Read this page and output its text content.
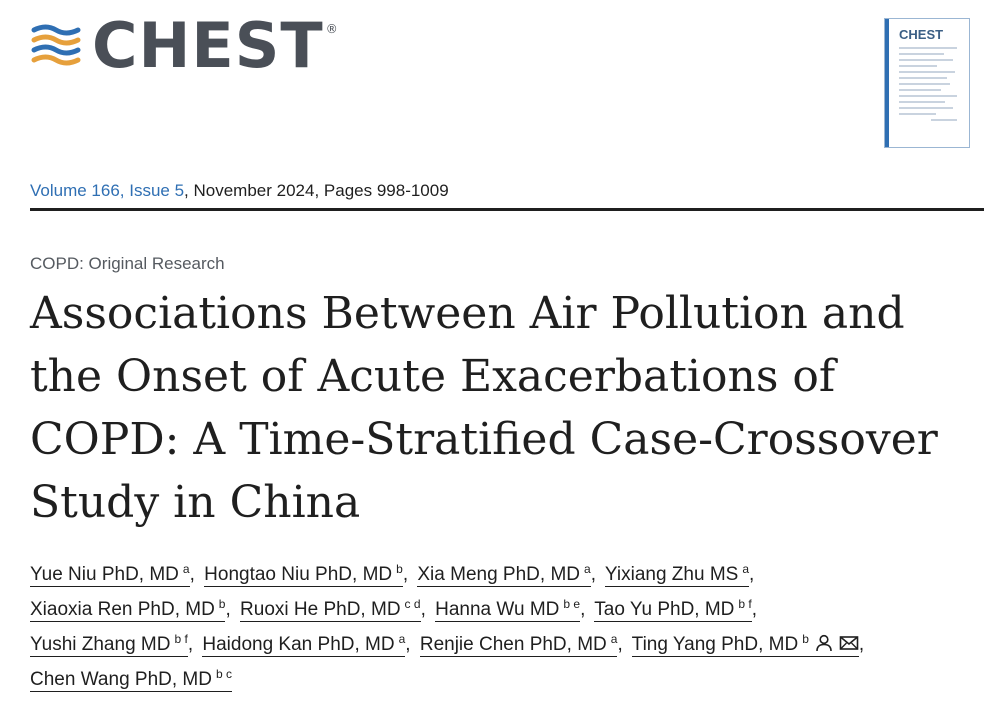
CHEST ®	CHEST
Volume 166, Issue 5, November 2024, Pages 998-1009
COPD: Original Research
Associations Between Air Pollution and the Onset of Acute Exacerbations of COPD: A Time-Stratified Case-Crossover Study in China
Yue Niu PhD, MD $^a$, Hongtao Niu PhD, MD $^b$, Xia Meng PhD, MD $^a$, Yixiang Zhu MS $^a$,
Xiaoxia Ren PhD, MD $^b$, Ruoxi He PhD, MD $^{c d}$, Hanna Wu MD $^{b e}$, Tao Yu PhD, MD $^{b f}$,
Yushi Zhang MD $^{b f}$, Haidong Kan PhD, MD $^a$, Renjie Chen PhD, MD $^a$, Ting Yang PhD, MD $^b$	,
Chen Wang PhD, MD $^{b c}$
